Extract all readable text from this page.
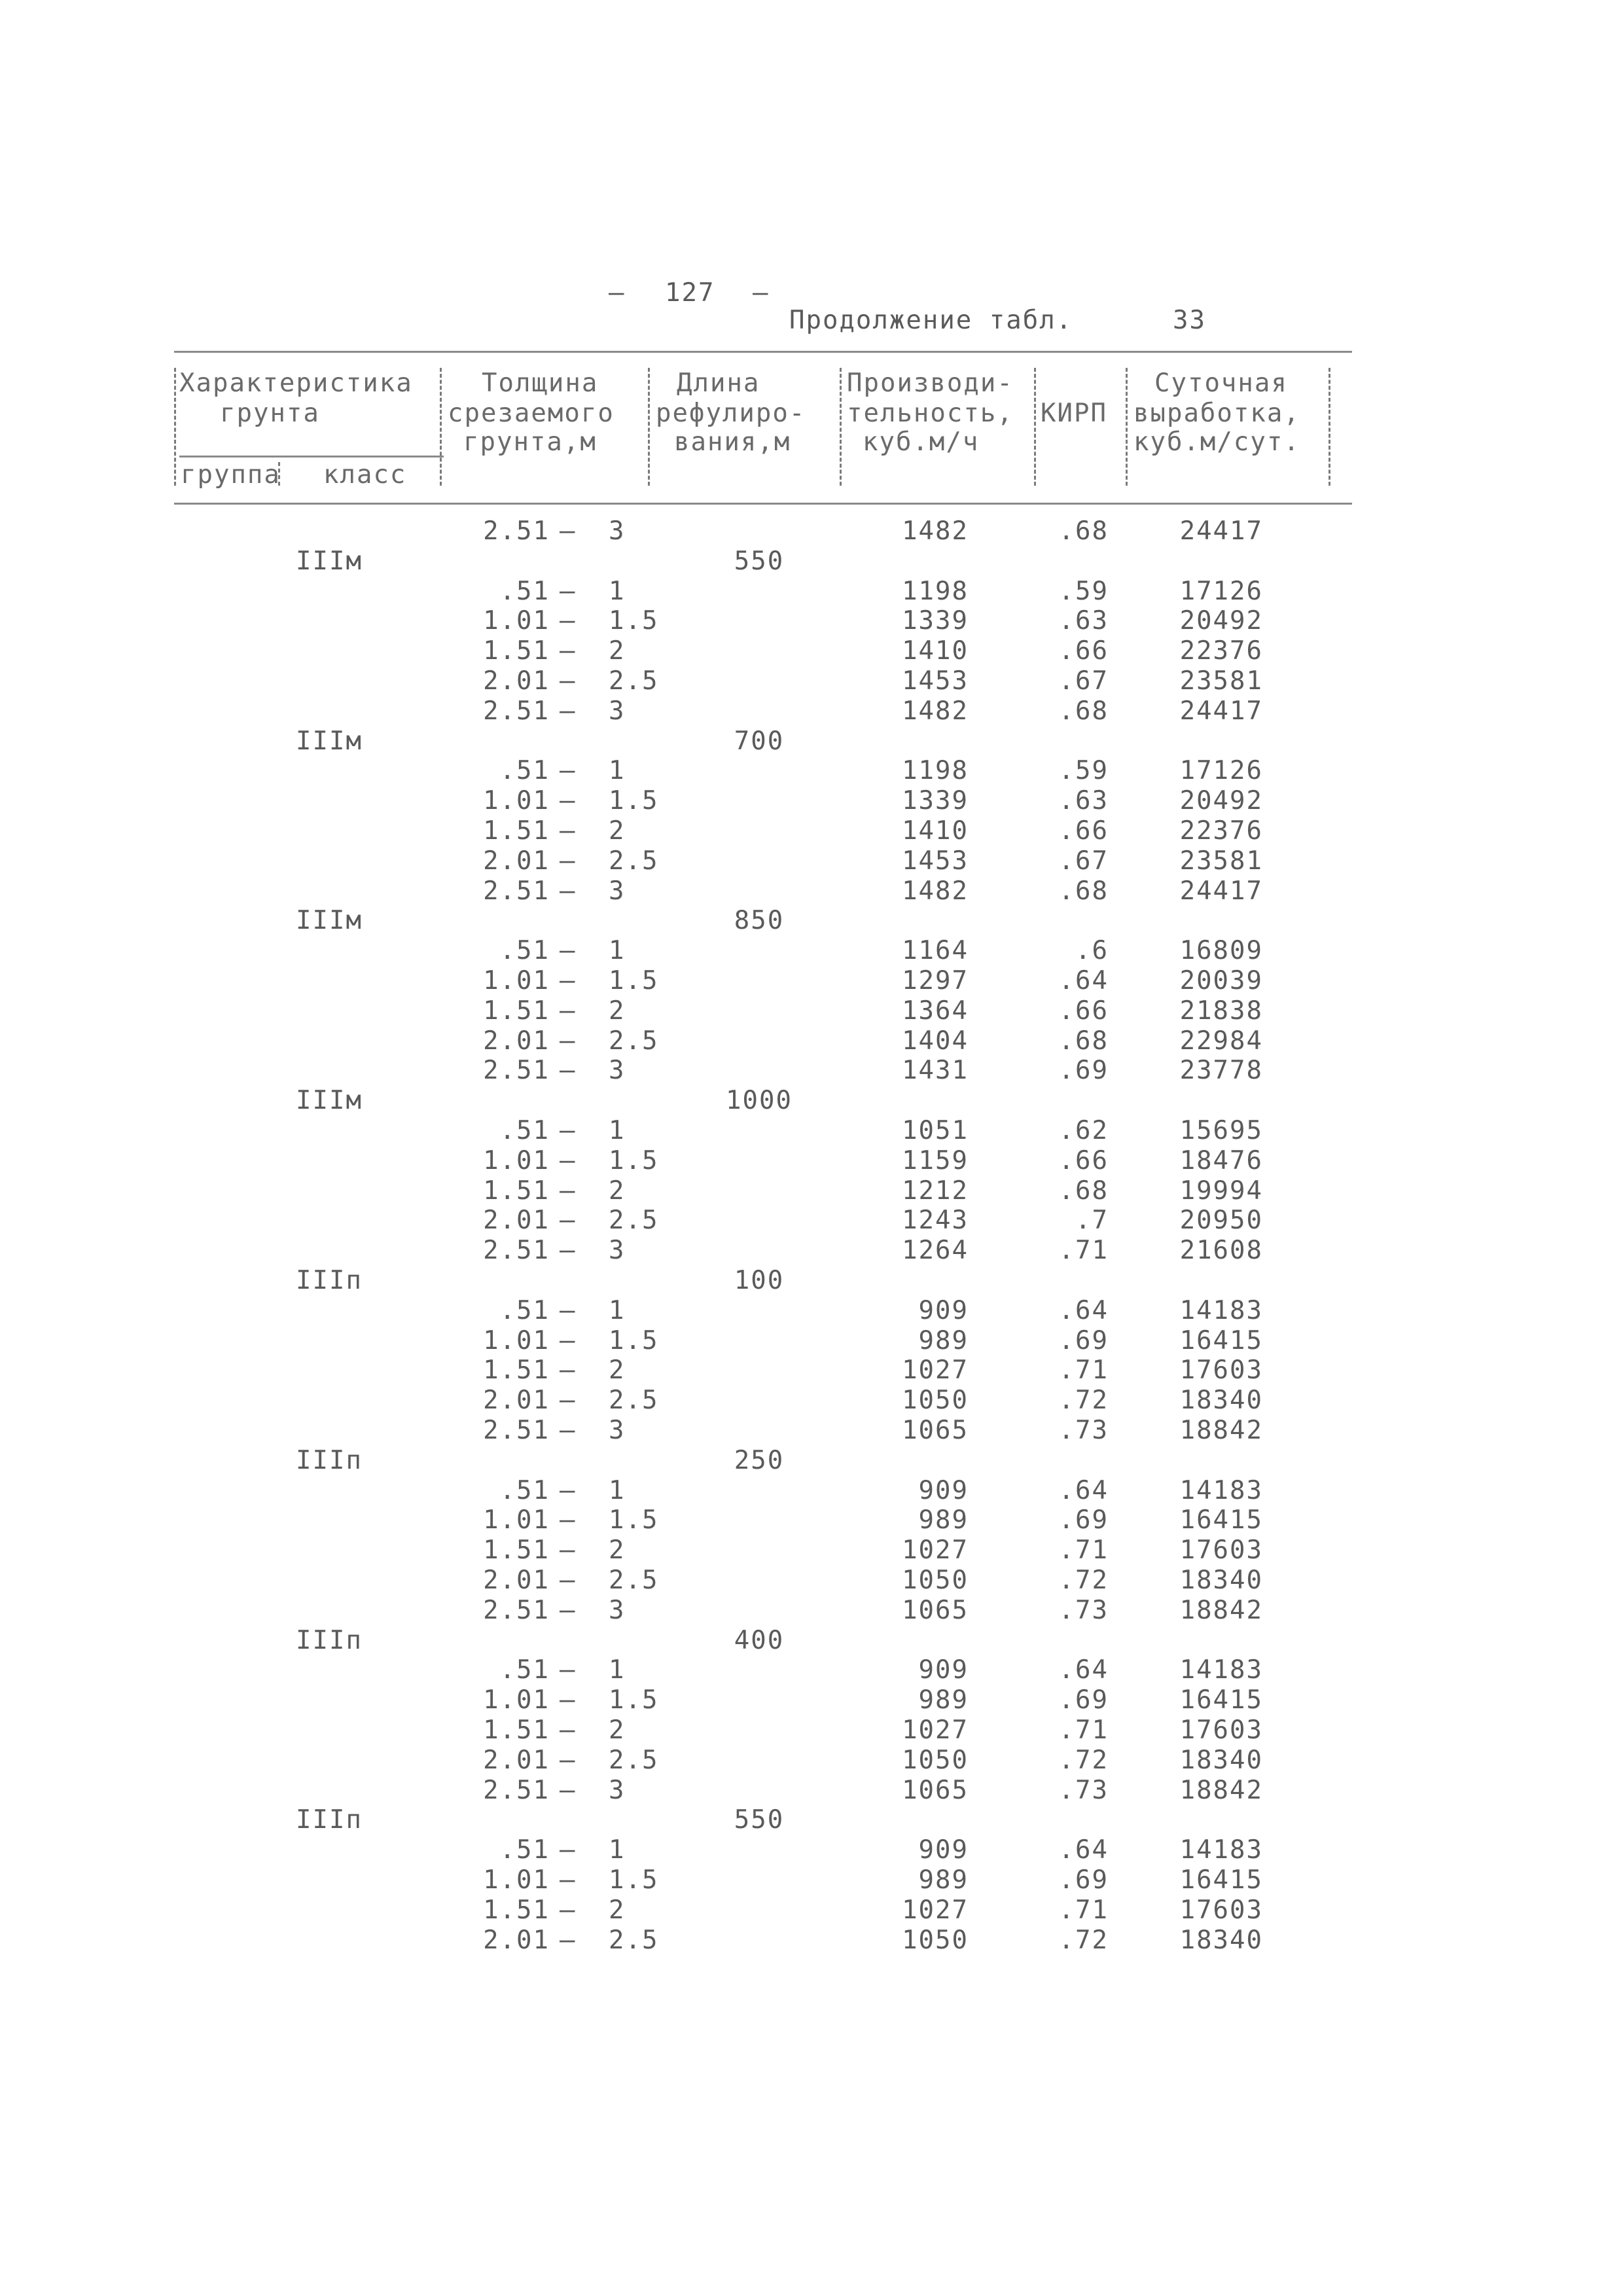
– 127 –
Продолжение табл.	33
Характеристика
грунта
группа класс
Толщина
срезаемого
грунта,м
Длина
рефулиро-
вания,м
Производи-
тельность,
куб.м/ч
КИРП
Суточная
выработка,
куб.м/сут.
2.51 – 3	1482	.68	24417
IIIм	550
.51 – 1	1198	.59	17126
1.01 – 1.5	1339	.63	20492
1.51 – 2	1410	.66	22376
2.01 – 2.5	1453	.67	23581
2.51 – 3	1482	.68	24417
IIIм	700
.51 – 1	1198	.59	17126
1.01 – 1.5	1339	.63	20492
1.51 – 2	1410	.66	22376
2.01 – 2.5	1453	.67	23581
2.51 – 3	1482	.68	24417
IIIм	850
.51 – 1	1164	.6	16809
1.01 – 1.5	1297	.64	20039
1.51 – 2	1364	.66	21838
2.01 – 2.5	1404	.68	22984
2.51 – 3	1431	.69	23778
IIIм	1000
.51 – 1	1051	.62	15695
1.01 – 1.5	1159	.66	18476
1.51 – 2	1212	.68	19994
2.01 – 2.5	1243	.7	20950
2.51 – 3	1264	.71	21608
IIIп	100
.51 – 1	909	.64	14183
1.01 – 1.5	989	.69	16415
1.51 – 2	1027	.71	17603
2.01 – 2.5	1050	.72	18340
2.51 – 3	1065	.73	18842
IIIп	250
.51 – 1	909	.64	14183
1.01 – 1.5	989	.69	16415
1.51 – 2	1027	.71	17603
2.01 – 2.5	1050	.72	18340
2.51 – 3	1065	.73	18842
IIIп	400
.51 – 1	909	.64	14183
1.01 – 1.5	989	.69	16415
1.51 – 2	1027	.71	17603
2.01 – 2.5	1050	.72	18340
2.51 – 3	1065	.73	18842
IIIп	550
.51 – 1	909	.64	14183
1.01 – 1.5	989	.69	16415
1.51 – 2	1027	.71	17603
2.01 – 2.5	1050	.72	18340
